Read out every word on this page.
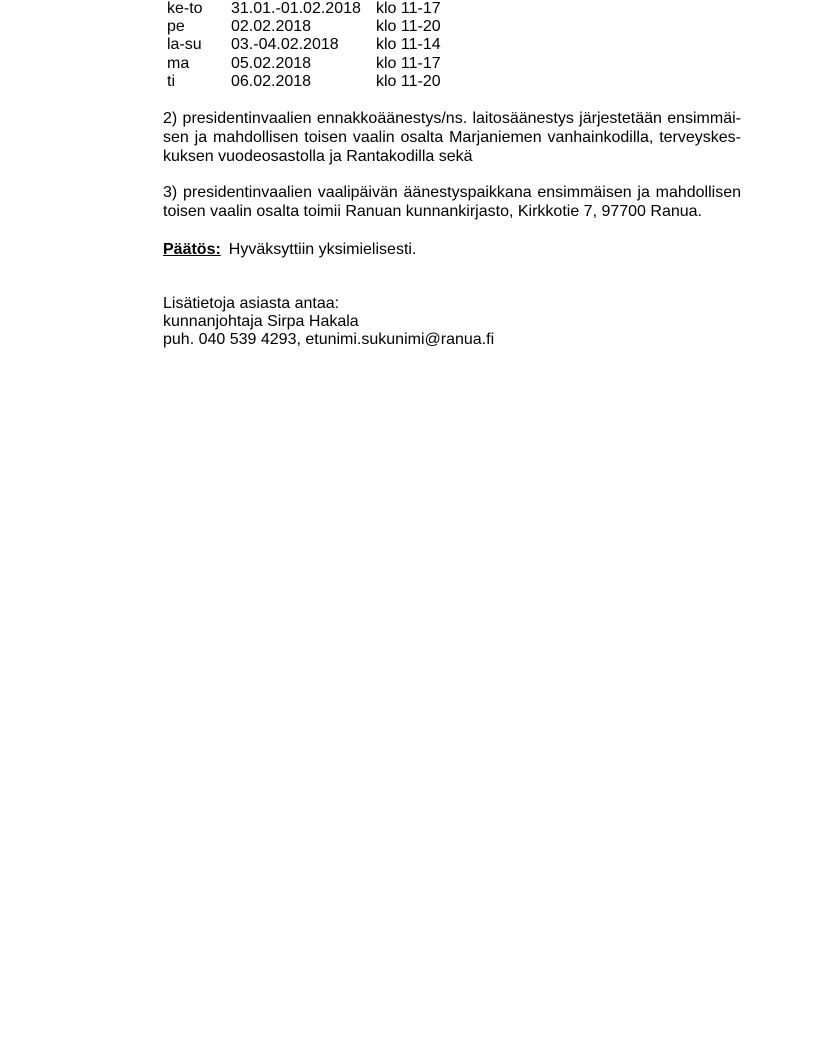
ke-to	31.01.-01.02.2018	klo 11-17
pe	02.02.2018	klo 11-20
la-su	03.-04.02.2018	klo 11-14
ma	05.02.2018	klo 11-17
ti	06.02.2018	klo 11-20

2) presidentinvaalien ennakkoäänestys/ns. laitosäänestys järjestetään ensimmäi-sen ja mahdollisen toisen vaalin osalta Marjaniemen vanhainkodilla, terveyskes-kuksen vuodeosastolla ja Rantakodilla sekä

3) presidentinvaalien vaalipäivän äänestyspaikkana ensimmäisen ja mahdollisen toisen vaalin osalta toimii Ranuan kunnankirjasto, Kirkkotie 7, 97700 Ranua.

Päätös: Hyväksyttiin yksimielisesti.

Lisätietoja asiasta antaa:
kunnanjohtaja Sirpa Hakala
puh. 040 539 4293, etunimi.sukunimi@ranua.fi
